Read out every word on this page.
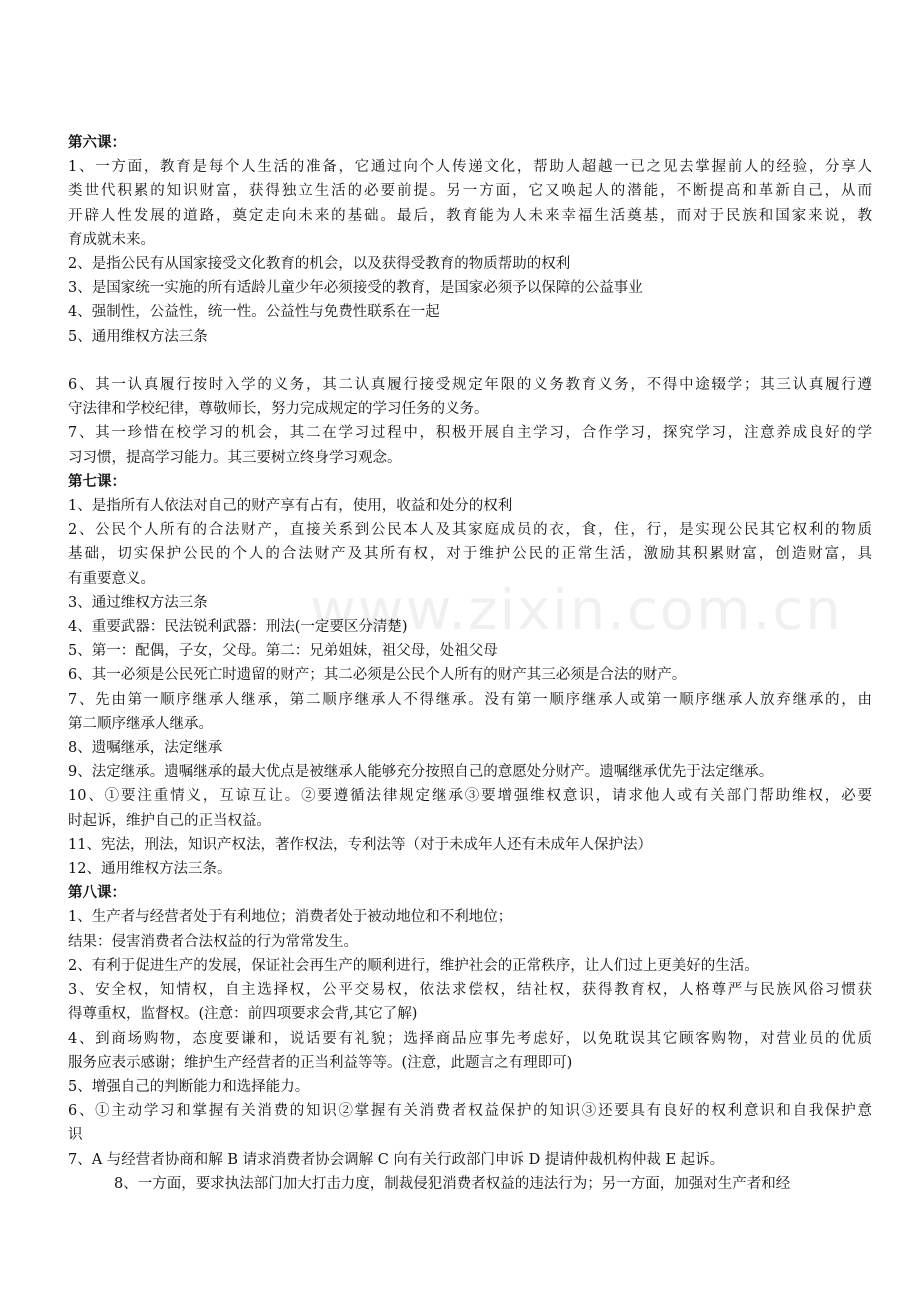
www.zixin.com.cn
第六课：
1、一方面，教育是每个人生活的准备，它通过向个人传递文化，帮助人超越一已之见去掌握前人的经验，分享人
类世代积累的知识财富，获得独立生活的必要前提。另一方面，它又唤起人的潜能，不断提高和革新自己，从而
开辟人性发展的道路，奠定走向未来的基础。最后，教育能为人未来幸福生活奠基，而对于民族和国家来说，教
育成就未来。
2、是指公民有从国家接受文化教育的机会，以及获得受教育的物质帮助的权利
3、是国家统一实施的所有适龄儿童少年必须接受的教育，是国家必须予以保障的公益事业
4、强制性，公益性，统一性。公益性与免费性联系在一起
5、通用维权方法三条
6、其一认真履行按时入学的义务，其二认真履行接受规定年限的义务教育义务，不得中途辍学；其三认真履行遵
守法律和学校纪律，尊敬师长，努力完成规定的学习任务的义务。
7、其一珍惜在校学习的机会，其二在学习过程中，积极开展自主学习，合作学习，探究学习，注意养成良好的学
习习惯，提高学习能力。其三要树立终身学习观念。
第七课：
1、是指所有人依法对自己的财产享有占有，使用，收益和处分的权利
2、公民个人所有的合法财产，直接关系到公民本人及其家庭成员的衣，食，住，行，是实现公民其它权利的物质
基础，切实保护公民的个人的合法财产及其所有权，对于维护公民的正常生活，激励其积累财富，创造财富，具
有重要意义。
3、通过维权方法三条
4、重要武器：民法锐利武器：刑法(一定要区分清楚)
5、第一：配偶，子女，父母。第二：兄弟姐妹，祖父母，处祖父母
6、其一必须是公民死亡时遗留的财产；其二必须是公民个人所有的财产其三必须是合法的财产。
7、先由第一顺序继承人继承，第二顺序继承人不得继承。没有第一顺序继承人或第一顺序继承人放弃继承的，由
第二顺序继承人继承。
8、遗嘱继承，法定继承
9、法定继承。遗嘱继承的最大优点是被继承人能够充分按照自己的意愿处分财产。遗嘱继承优先于法定继承。
10、①要注重情义，互谅互让。②要遵循法律规定继承③要增强维权意识，请求他人或有关部门帮助维权，必要
时起诉，维护自己的正当权益。
11、宪法，刑法，知识产权法，著作权法，专利法等（对于未成年人还有未成年人保护法）
12、通用维权方法三条。
第八课：
1、生产者与经营者处于有利地位；消费者处于被动地位和不利地位；
结果：侵害消费者合法权益的行为常常发生。
2、有利于促进生产的发展，保证社会再生产的顺利进行，维护社会的正常秩序，让人们过上更美好的生活。
3、安全权，知情权，自主选择权，公平交易权，依法求偿权，结社权，获得教育权，人格尊严与民族风俗习惯获
得尊重权，监督权。(注意：前四项要求会背,其它了解)
4、到商场购物，态度要谦和，说话要有礼貌；选择商品应事先考虑好，以免耽误其它顾客购物，对营业员的优质
服务应表示感谢；维护生产经营者的正当利益等等。(注意，此题言之有理即可)
5、增强自己的判断能力和选择能力。
6、①主动学习和掌握有关消费的知识②掌握有关消费者权益保护的知识③还要具有良好的权利意识和自我保护意
识
7、A 与经营者协商和解 B 请求消费者协会调解 C 向有关行政部门申诉 D 提请仲裁机构仲裁 E 起诉。
8、一方面，要求执法部门加大打击力度，制裁侵犯消费者权益的违法行为；另一方面，加强对生产者和经
